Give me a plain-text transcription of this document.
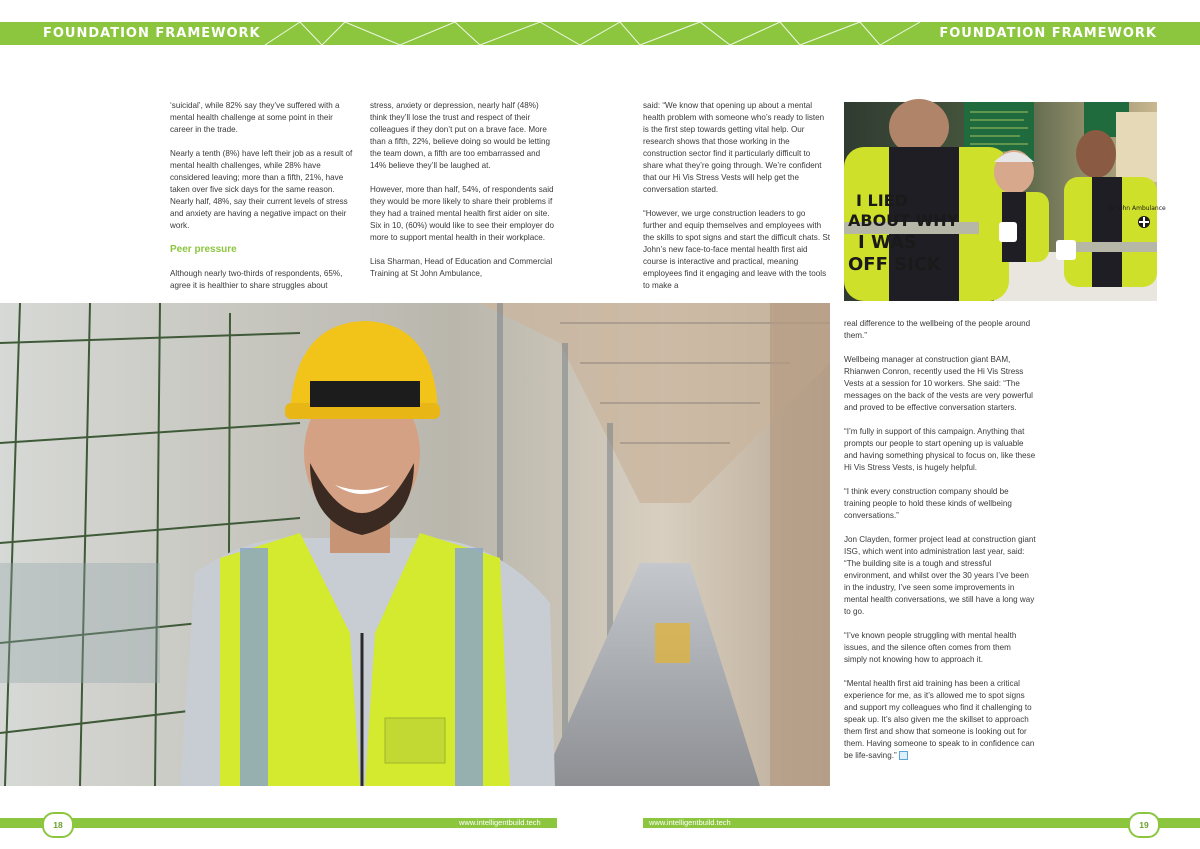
FOUNDATION FRAMEWORK	FOUNDATION FRAMEWORK

‘suicidal’, while 82% say they’ve suffered with a mental health challenge at some point in their career in the trade.

Nearly a tenth (8%) have left their job as a result of mental health challenges, while 28% have considered leaving; more than a fifth, 21%, have taken over five sick days for the same reason. Nearly half, 48%, say their current levels of stress and anxiety are having a negative impact on their work.

Peer pressure

Although nearly two-thirds of respondents, 65%, agree it is healthier to share struggles about

stress, anxiety or depression, nearly half (48%) think they’ll lose the trust and respect of their colleagues if they don’t put on a brave face. More than a fifth, 22%, believe doing so would be letting the team down, a fifth are too embarrassed and 14% believe they’ll be laughed at.

However, more than half, 54%, of respondents said they would be more likely to share their problems if they had a trained mental health first aider on site. Six in 10, (60%) would like to see their employer do more to support mental health in their workplace.

Lisa Sharman, Head of Education and Commercial Training at St John Ambulance,

said: “We know that opening up about a mental health problem with someone who’s ready to listen is the first step towards getting vital help. Our research shows that those working in the construction sector find it particularly difficult to share what they’re going through. We’re confident that our Hi Vis Stress Vests will help get the conversation started.

“However, we urge construction leaders to go further and equip themselves and employees with the skills to spot signs and start the difficult chats. St John’s new face-to-face mental health first aid course is interactive and practical, meaning employees find it engaging and leave with the tools to make a

I LIED
ABOUT WHY
I WAS
OFF SICK
St John Ambulance

real difference to the wellbeing of the people around them.”

Wellbeing manager at construction giant BAM, Rhianwen Conron, recently used the Hi Vis Stress Vests at a session for 10 workers. She said: “The messages on the back of the vests are very powerful and proved to be effective conversation starters.

“I’m fully in support of this campaign. Anything that prompts our people to start opening up is valuable and having something physical to focus on, like these Hi Vis Stress Vests, is hugely helpful.

“I think every construction company should be training people to hold these kinds of wellbeing conversations.”

Jon Clayden, former project lead at construction giant ISG, which went into administration last year, said: “The building site is a tough and stressful environment, and whilst over the 30 years I’ve been in the industry, I’ve seen some improvements in mental health conversations, we still have a long way to go.

“I’ve known people struggling with mental health issues, and the silence often comes from them simply not knowing how to approach it.

“Mental health first aid training has been a critical experience for me, as it’s allowed me to spot signs and support my colleagues who find it challenging to speak up. It’s also given me the skillset to approach them first and show that someone is looking out for them. Having someone to speak to in confidence can be life-saving.”

www.intelligentbuild.tech	www.intelligentbuild.tech
18	19
